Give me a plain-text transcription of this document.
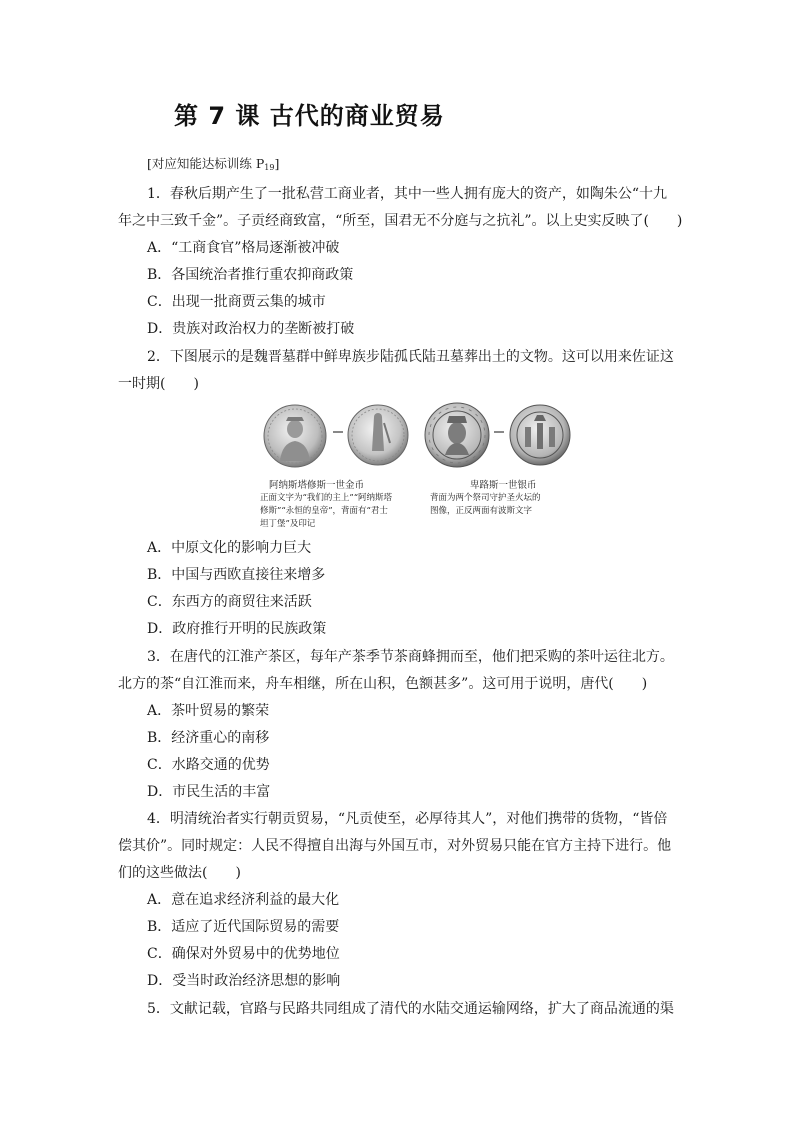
第 7 课 古代的商业贸易
[对应知能达标训练 $P_{19}$]
1．春秋后期产生了一批私营工商业者，其中一些人拥有庞大的资产，如陶朱公“十九
年之中三致千金”。子贡经商致富，“所至，国君无不分庭与之抗礼”。以上史实反映了(　　)
A．“工商食官”格局逐渐被冲破
B．各国统治者推行重农抑商政策
C．出现一批商贾云集的城市
D．贵族对政治权力的垄断被打破
2．下图展示的是魏晋墓群中鲜卑族步陆孤氏陆丑墓葬出土的文物。这可以用来佐证这
一时期(　　)
阿纳斯塔修斯一世金币	卑路斯一世银币
正面文字为“我们的主上”“阿纳斯塔
修斯”“永恒的皇帝”，背面有“君士
坦丁堡”及印记
背面为两个祭司守护圣火坛的
图像，正反两面有波斯文字
A．中原文化的影响力巨大
B．中国与西欧直接往来增多
C．东西方的商贸往来活跃
D．政府推行开明的民族政策
3．在唐代的江淮产茶区，每年产茶季节茶商蜂拥而至，他们把采购的茶叶运往北方。
北方的茶“自江淮而来，舟车相继，所在山积，色额甚多”。这可用于说明，唐代(　　)
A．茶叶贸易的繁荣
B．经济重心的南移
C．水路交通的优势
D．市民生活的丰富
4．明清统治者实行朝贡贸易，“凡贡使至，必厚待其人”，对他们携带的货物，“皆倍
偿其价”。同时规定：人民不得擅自出海与外国互市，对外贸易只能在官方主持下进行。他
们的这些做法(　　)
A．意在追求经济利益的最大化
B．适应了近代国际贸易的需要
C．确保对外贸易中的优势地位
D．受当时政治经济思想的影响
5．文献记载，官路与民路共同组成了清代的水陆交通运输网络，扩大了商品流通的渠
